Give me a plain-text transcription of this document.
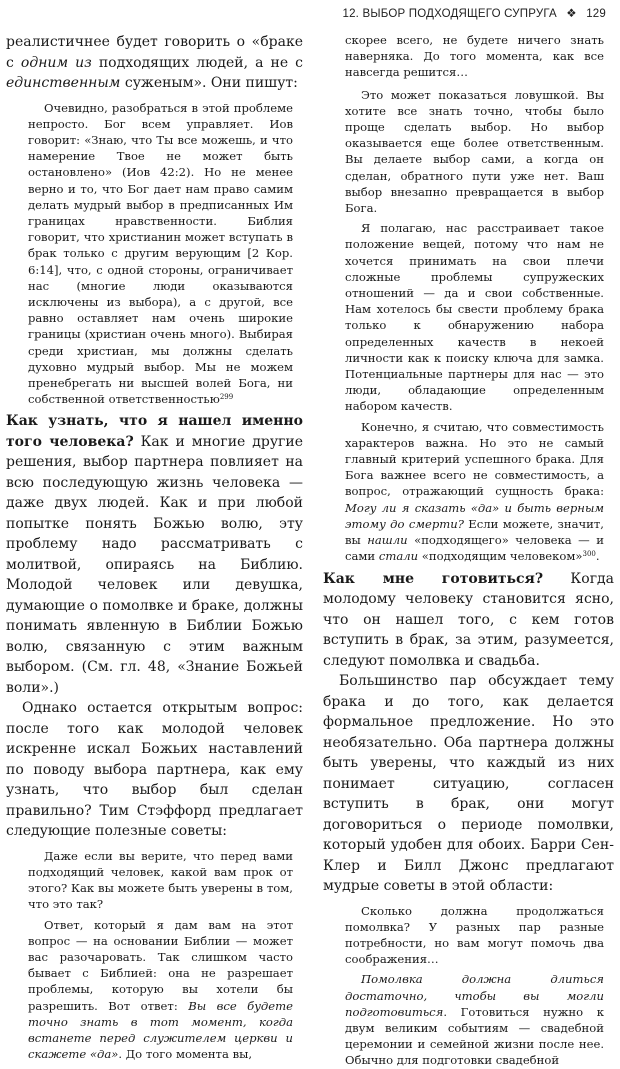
12. ВЫБОР ПОДХОДЯЩЕГО СУПРУГА ❖ 129

реалистичнее будет говорить о «браке с одним из подходящих людей, а не с единственным суженым». Они пишут:

Очевидно, разобраться в этой проблеме непросто. Бог всем управляет. Иов говорит: «Знаю, что Ты все можешь, и что намерение Твое не может быть остановлено» (Иов 42:2). Но не менее верно и то, что Бог дает нам право самим делать мудрый выбор в предписанных Им границах нравственности. Библия говорит, что христианин может вступать в брак только с другим верующим [2 Кор. 6:14], что, с одной стороны, ограничивает нас (многие люди оказываются исключены из выбора), а с другой, все равно оставляет нам очень широкие границы (христиан очень много). Выбирая среди христиан, мы должны сделать духовно мудрый выбор. Мы не можем пренебрегать ни высшей волей Бога, ни собственной ответственностью$^{299}$

Как узнать, что я нашел именно того человека? Как и многие другие решения, выбор партнера повлияет на всю последующую жизнь человека — даже двух людей. Как и при любой попытке понять Божью волю, эту проблему надо рассматривать с молитвой, опираясь на Библию. Молодой человек или девушка, думающие о помолвке и браке, должны понимать явленную в Библии Божью волю, связанную с этим важным выбором. (См. гл. 48, «Знание Божьей воли».)

Однако остается открытым вопрос: после того как молодой человек искренне искал Божьих наставлений по поводу выбора партнера, как ему узнать, что выбор был сделан правильно? Тим Стэффорд предлагает следующие полезные советы:

Даже если вы верите, что перед вами подходящий человек, какой вам прок от этого? Как вы можете быть уверены в том, что это так?

Ответ, который я дам вам на этот вопрос — на основании Библии — может вас разочаровать. Так слишком часто бывает с Библией: она не разрешает проблемы, которую вы хотели бы разрешить. Вот ответ: Вы все будете точно знать в тот момент, когда встанете перед служителем церкви и скажете «да». До того момента вы,

скорее всего, не будете ничего знать наверняка. До того момента, как все навсегда решится…

Это может показаться ловушкой. Вы хотите все знать точно, чтобы было проще сделать выбор. Но выбор оказывается еще более ответственным. Вы делаете выбор сами, а когда он сделан, обратного пути уже нет. Ваш выбор внезапно превращается в выбор Бога.

Я полагаю, нас расстраивает такое положение вещей, потому что нам не хочется принимать на свои плечи сложные проблемы супружеских отношений — да и свои собственные. Нам хотелось бы свести проблему брака только к обнаружению набора определенных качеств в некоей личности как к поиску ключа для замка. Потенциальные партнеры для нас — это люди, обладающие определенным набором качеств.

Конечно, я считаю, что совместимость характеров важна. Но это не самый главный критерий успешного брака. Для Бога важнее всего не совместимость, а вопрос, отражающий сущность брака: Могу ли я сказать «да» и быть верным этому до смерти? Если можете, значит, вы нашли «подходящего» человека — и сами стали «подходящим человеком»$^{300}$.

Как мне готовиться? Когда молодому человеку становится ясно, что он нашел того, с кем готов вступить в брак, за этим, разумеется, следуют помолвка и свадьба.

Большинство пар обсуждает тему брака и до того, как делается формальное предложение. Но это необязательно. Оба партнера должны быть уверены, что каждый из них понимает ситуацию, согласен вступить в брак, они могут договориться о периоде помолвки, который удобен для обоих. Барри Сен-Клер и Билл Джонс предлагают мудрые советы в этой области:

Сколько должна продолжаться помолвка? У разных пар разные потребности, но вам могут помочь два соображения…

Помолвка должна длиться достаточно, чтобы вы могли подготовиться. Готовиться нужно к двум великим событиям — свадебной церемонии и семейной жизни после нее. Обычно для подготовки свадебной
